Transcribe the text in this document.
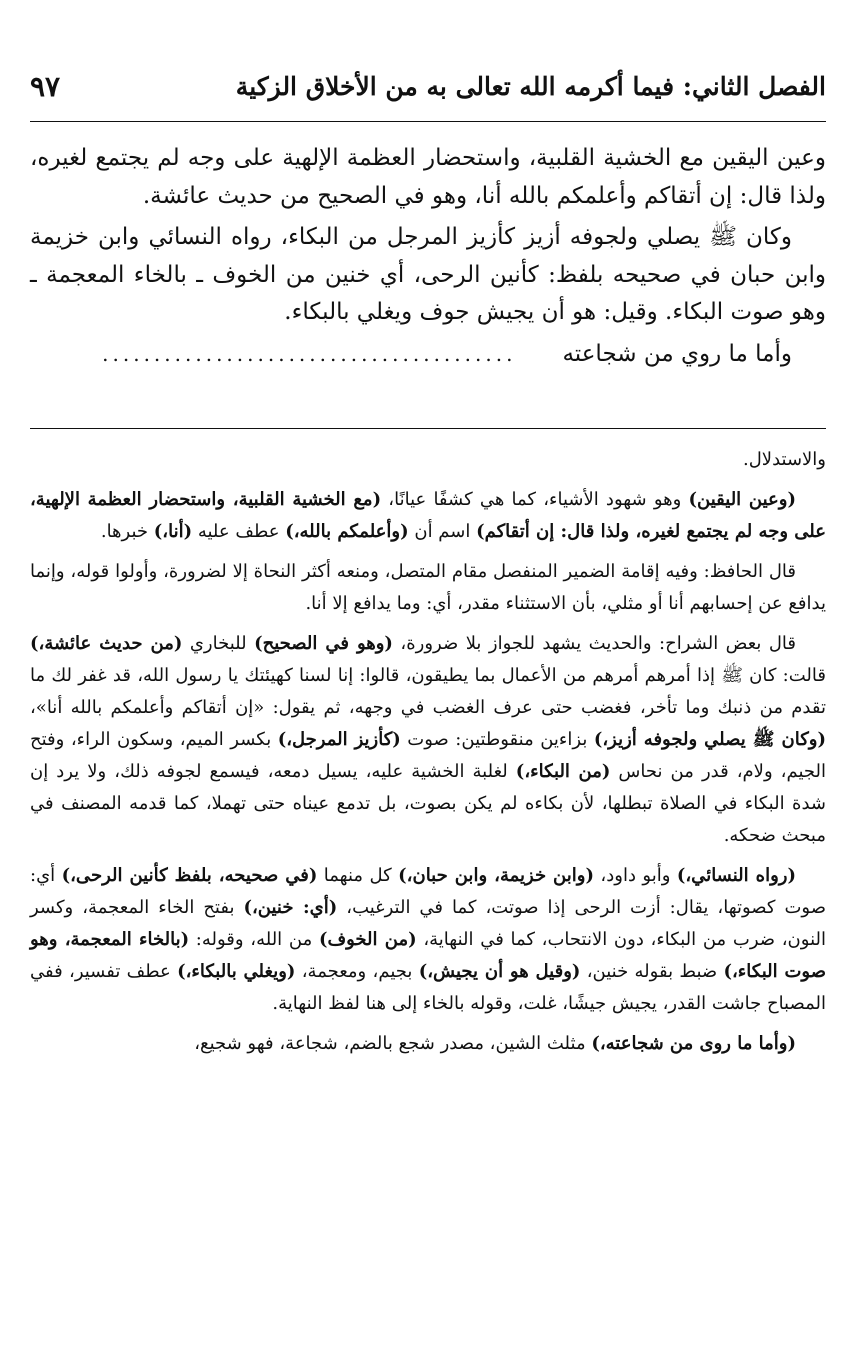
الفصل الثاني: فيما أكرمه الله تعالى به من الأخلاق الزكية
٩٧

وعين اليقين مع الخشية القلبية، واستحضار العظمة الإلهية على وجه لم يجتمع لغيره، ولذا قال: إن أتقاكم وأعلمكم بالله أنا، وهو في الصحيح من حديث عائشة.

وكان ﷺ يصلي ولجوفه أزيز كأزيز المرجل من البكاء، رواه النسائي وابن خزيمة وابن حبان في صحيحه بلفظ: كأنين الرحى، أي خنين من الخوف ـ بالخاء المعجمة ـ وهو صوت البكاء. وقيل: هو أن يجيش جوف ويغلي بالبكاء.

وأما ما روي من شجاعته
........................................

والاستدلال.

(وعين اليقين) وهو شهود الأشياء، كما هي كشفًا عيانًا، (مع الخشية القلبية، واستحضار العظمة الإلهية، على وجه لم يجتمع لغيره، ولذا قال: إن أتقاكم) اسم أن (وأعلمكم بالله،) عطف عليه (أنا،) خبرها.

قال الحافظ: وفيه إقامة الضمير المنفصل مقام المتصل، ومنعه أكثر النحاة إلا لضرورة، وأولوا قوله، وإنما يدافع عن إحسابهم أنا أو مثلي، بأن الاستثناء مقدر، أي: وما يدافع إلا أنا.

قال بعض الشراح: والحديث يشهد للجواز بلا ضرورة، (وهو في الصحيح) للبخاري (من حديث عائشة،) قالت: كان ﷺ إذا أمرهم أمرهم من الأعمال بما يطيقون، قالوا: إنا لسنا كهيئتك يا رسول الله، قد غفر لك ما تقدم من ذنبك وما تأخر، فغضب حتى عرف الغضب في وجهه، ثم يقول: «إن أتقاكم وأعلمكم بالله أنا»، (وكان ﷺ يصلي ولجوفه أزيز،) بزاءين منقوطتين: صوت (كأزيز المرجل،) بكسر الميم، وسكون الراء، وفتح الجيم، ولام، قدر من نحاس (من البكاء،) لغلبة الخشية عليه، يسيل دمعه، فيسمع لجوفه ذلك، ولا يرد إن شدة البكاء في الصلاة تبطلها، لأن بكاءه لم يكن بصوت، بل تدمع عيناه حتى تهملا، كما قدمه المصنف في مبحث ضحكه.

(رواه النسائي،) وأبو داود، (وابن خزيمة، وابن حبان،) كل منهما (في صحيحه، بلفظ كأنين الرحى،) أي: صوت كصوتها، يقال: أزت الرحى إذا صوتت، كما في الترغيب، (أي: خنين،) بفتح الخاء المعجمة، وكسر النون، ضرب من البكاء، دون الانتحاب، كما في النهاية، (من الخوف) من الله، وقوله: (بالخاء المعجمة، وهو صوت البكاء،) ضبط بقوله خنين، (وقيل هو أن يجيش،) بجيم، ومعجمة، (ويغلي بالبكاء،) عطف تفسير، ففي المصباح جاشت القدر، يجيش جيشًا، غلت، وقوله بالخاء إلى هنا لفظ النهاية.

(وأما ما روى من شجاعته،) مثلث الشين، مصدر شجع بالضم، شجاعة، فهو شجيع،
